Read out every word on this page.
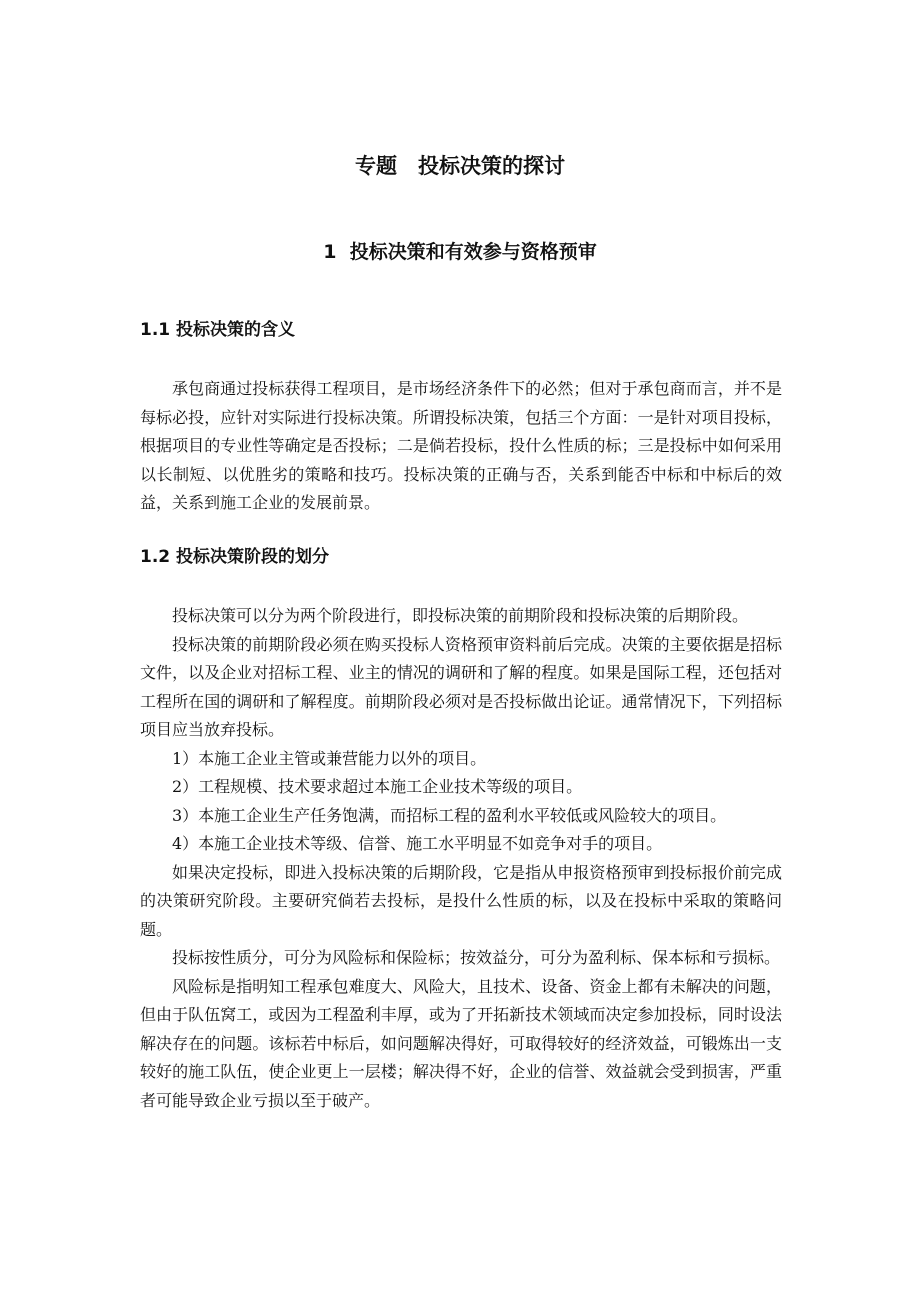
专题　投标决策的探讨
1  投标决策和有效参与资格预审
1.1 投标决策的含义

承包商通过投标获得工程项目，是市场经济条件下的必然；但对于承包商而言，并不是每标必投，应针对实际进行投标决策。所谓投标决策，包括三个方面：一是针对项目投标，根据项目的专业性等确定是否投标；二是倘若投标，投什么性质的标；三是投标中如何采用以长制短、以优胜劣的策略和技巧。投标决策的正确与否，关系到能否中标和中标后的效益，关系到施工企业的发展前景。

1.2 投标决策阶段的划分

投标决策可以分为两个阶段进行，即投标决策的前期阶段和投标决策的后期阶段。

投标决策的前期阶段必须在购买投标人资格预审资料前后完成。决策的主要依据是招标文件，以及企业对招标工程、业主的情况的调研和了解的程度。如果是国际工程，还包括对工程所在国的调研和了解程度。前期阶段必须对是否投标做出论证。通常情况下，下列招标项目应当放弃投标。

1）本施工企业主管或兼营能力以外的项目。

2）工程规模、技术要求超过本施工企业技术等级的项目。

3）本施工企业生产任务饱满，而招标工程的盈利水平较低或风险较大的项目。

4）本施工企业技术等级、信誉、施工水平明显不如竞争对手的项目。

如果决定投标，即进入投标决策的后期阶段，它是指从申报资格预审到投标报价前完成的决策研究阶段。主要研究倘若去投标，是投什么性质的标，以及在投标中采取的策略问题。

投标按性质分，可分为风险标和保险标；按效益分，可分为盈利标、保本标和亏损标。

风险标是指明知工程承包难度大、风险大，且技术、设备、资金上都有未解决的问题，但由于队伍窝工，或因为工程盈利丰厚，或为了开拓新技术领域而决定参加投标，同时设法解决存在的问题。该标若中标后，如问题解决得好，可取得较好的经济效益，可锻炼出一支较好的施工队伍，使企业更上一层楼；解决得不好，企业的信誉、效益就会受到损害，严重者可能导致企业亏损以至于破产。
